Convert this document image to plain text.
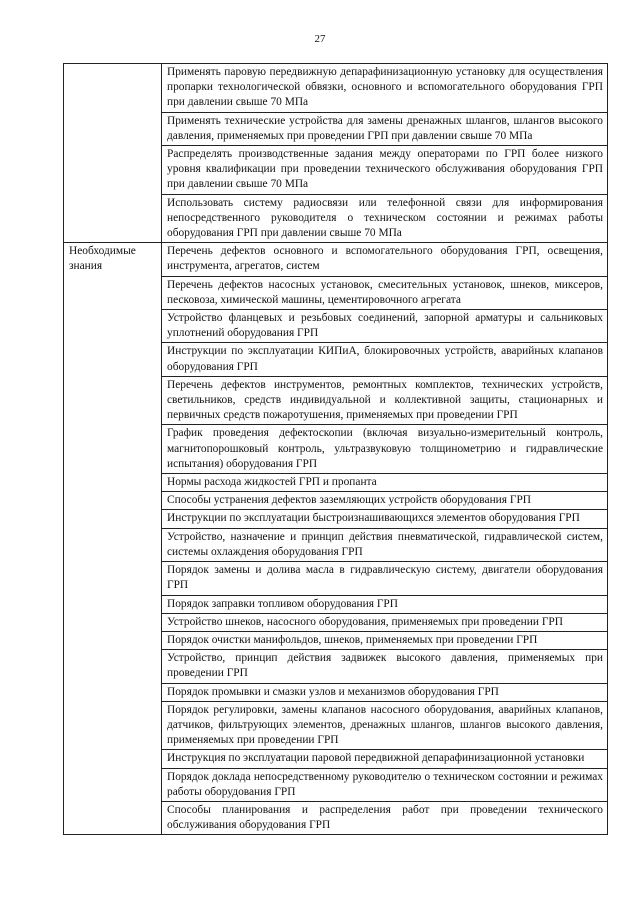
27
	Применять паровую передвижную депарафинизационную установку для осуществления пропарки технологической обвязки, основного и вспомогательного оборудования ГРП при давлении свыше 70 МПа
	Применять технические устройства для замены дренажных шлангов, шлангов высокого давления, применяемых при проведении ГРП при давлении свыше 70 МПа
	Распределять производственные задания между операторами по ГРП более низкого уровня квалификации при проведении технического обслуживания оборудования ГРП при давлении свыше 70 МПа
	Использовать систему радиосвязи или телефонной связи для информирования непосредственного руководителя о техническом состоянии и режимах работы оборудования ГРП при давлении свыше 70 МПа
Необходимые знания	Перечень дефектов основного и вспомогательного оборудования ГРП, освещения, инструмента, агрегатов, систем
	Перечень дефектов насосных установок, смесительных установок, шнеков, миксеров, песковоза, химической машины, цементировочного агрегата
	Устройство фланцевых и резьбовых соединений, запорной арматуры и сальниковых уплотнений оборудования ГРП
	Инструкции по эксплуатации КИПиА, блокировочных устройств, аварийных клапанов оборудования ГРП
	Перечень дефектов инструментов, ремонтных комплектов, технических устройств, светильников, средств индивидуальной и коллективной защиты, стационарных и первичных средств пожаротушения, применяемых при проведении ГРП
	График проведения дефектоскопии (включая визуально-измерительный контроль, магнитопорошковый контроль, ультразвуковую толщинометрию и гидравлические испытания) оборудования ГРП
	Нормы расхода жидкостей ГРП и пропанта
	Способы устранения дефектов заземляющих устройств оборудования ГРП
	Инструкции по эксплуатации быстроизнашивающихся элементов оборудования ГРП
	Устройство, назначение и принцип действия пневматической, гидравлической систем, системы охлаждения оборудования ГРП
	Порядок замены и долива масла в гидравлическую систему, двигатели оборудования ГРП
	Порядок заправки топливом оборудования ГРП
	Устройство шнеков, насосного оборудования, применяемых при проведении ГРП
	Порядок очистки манифольдов, шнеков, применяемых при проведении ГРП
	Устройство, принцип действия задвижек высокого давления, применяемых при проведении ГРП
	Порядок промывки и смазки узлов и механизмов оборудования ГРП
	Порядок регулировки, замены клапанов насосного оборудования, аварийных клапанов, датчиков, фильтрующих элементов, дренажных шлангов, шлангов высокого давления, применяемых при проведении ГРП
	Инструкция по эксплуатации паровой передвижной депарафинизационной установки
	Порядок доклада непосредственному руководителю о техническом состоянии и режимах работы оборудования ГРП
	Способы планирования и распределения работ при проведении технического обслуживания оборудования ГРП
